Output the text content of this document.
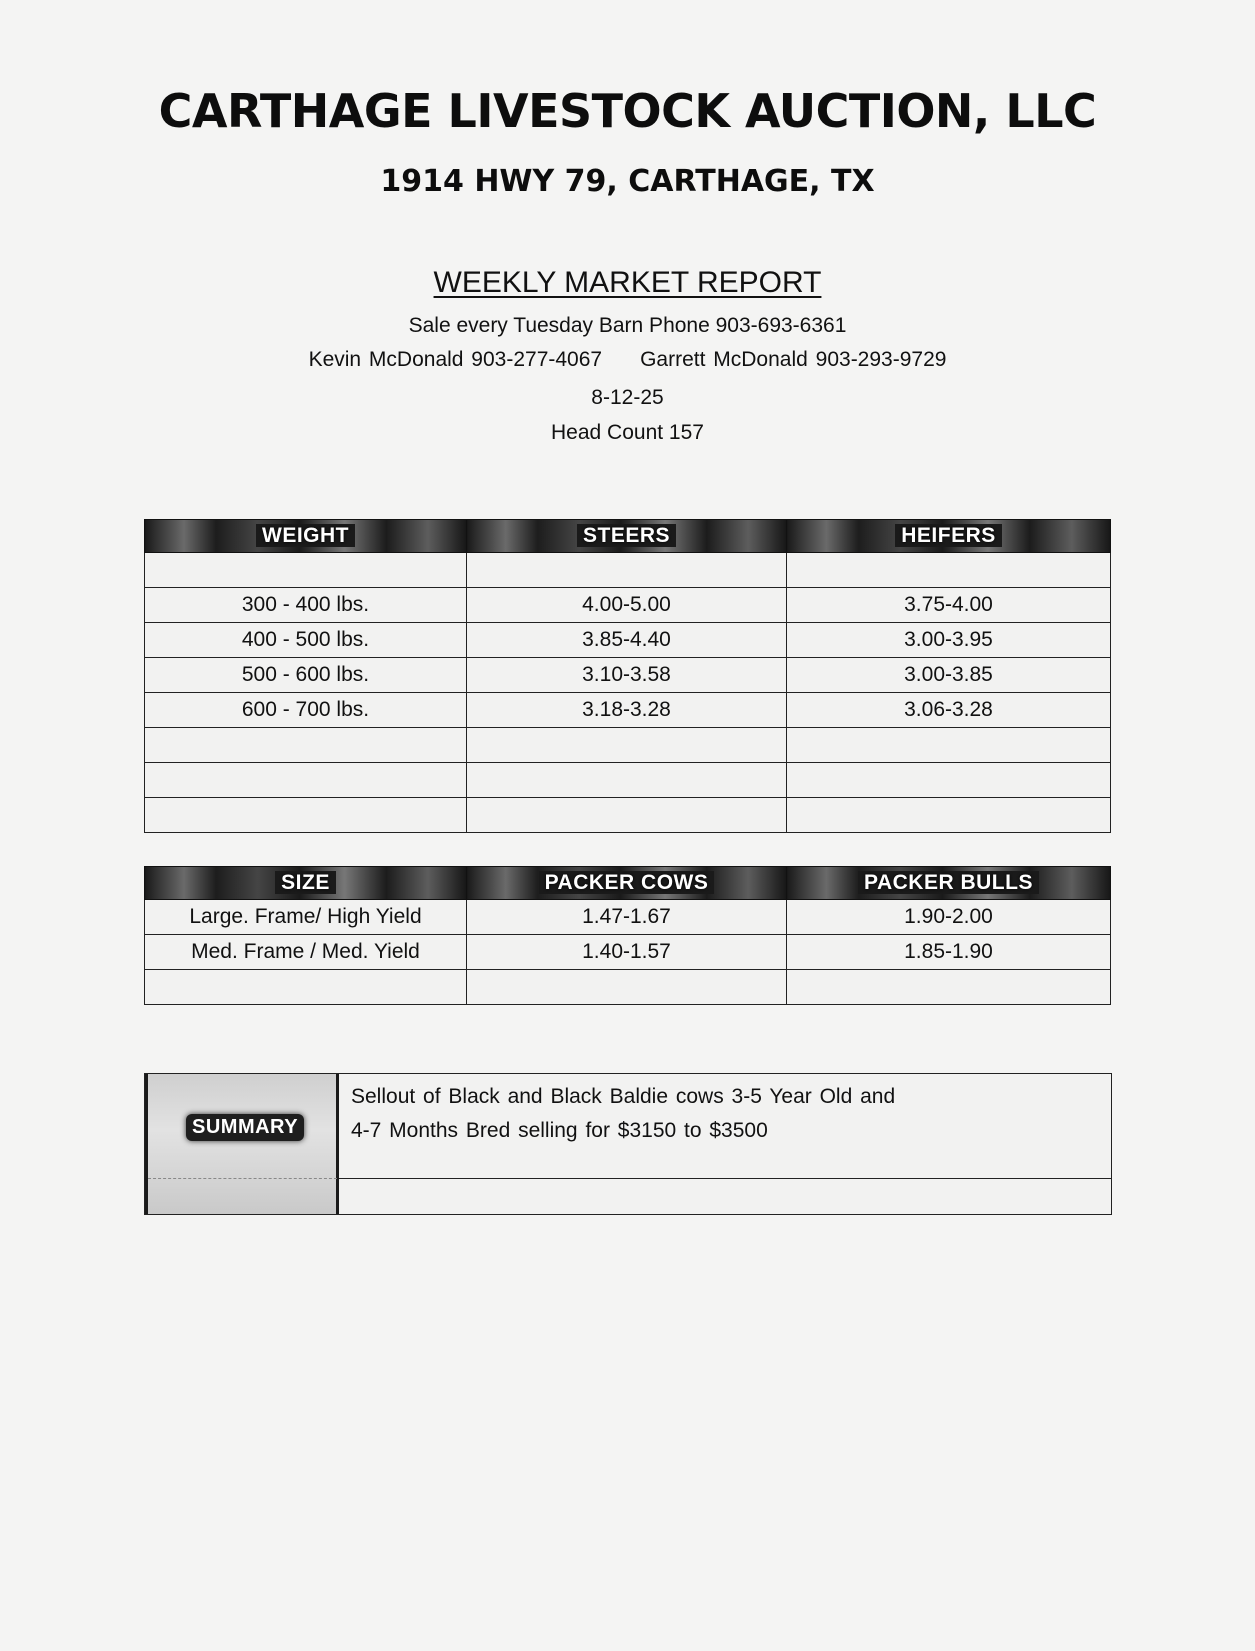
CARTHAGE LIVESTOCK AUCTION, LLC
1914 HWY 79, CARTHAGE, TX
WEEKLY MARKET REPORT
Sale every Tuesday Barn Phone 903-693-6361
Kevin McDonald 903-277-4067 Garrett McDonald 903-293-9729
8-12-25
Head Count 157
WEIGHT	STEERS	HEIFERS

300 - 400 lbs.	4.00-5.00	3.75-4.00
400 - 500 lbs.	3.85-4.40	3.00-3.95
500 - 600 lbs.	3.10-3.58	3.00-3.85
600 - 700 lbs.	3.18-3.28	3.06-3.28

SIZE	PACKER COWS	PACKER BULLS
Large. Frame/ High Yield	1.47-1.67	1.90-2.00
Med. Frame / Med. Yield	1.40-1.57	1.85-1.90

SUMMARY
Sellout of Black and Black Baldie cows 3-5 Year Old and
4-7 Months Bred selling for $3150 to $3500
